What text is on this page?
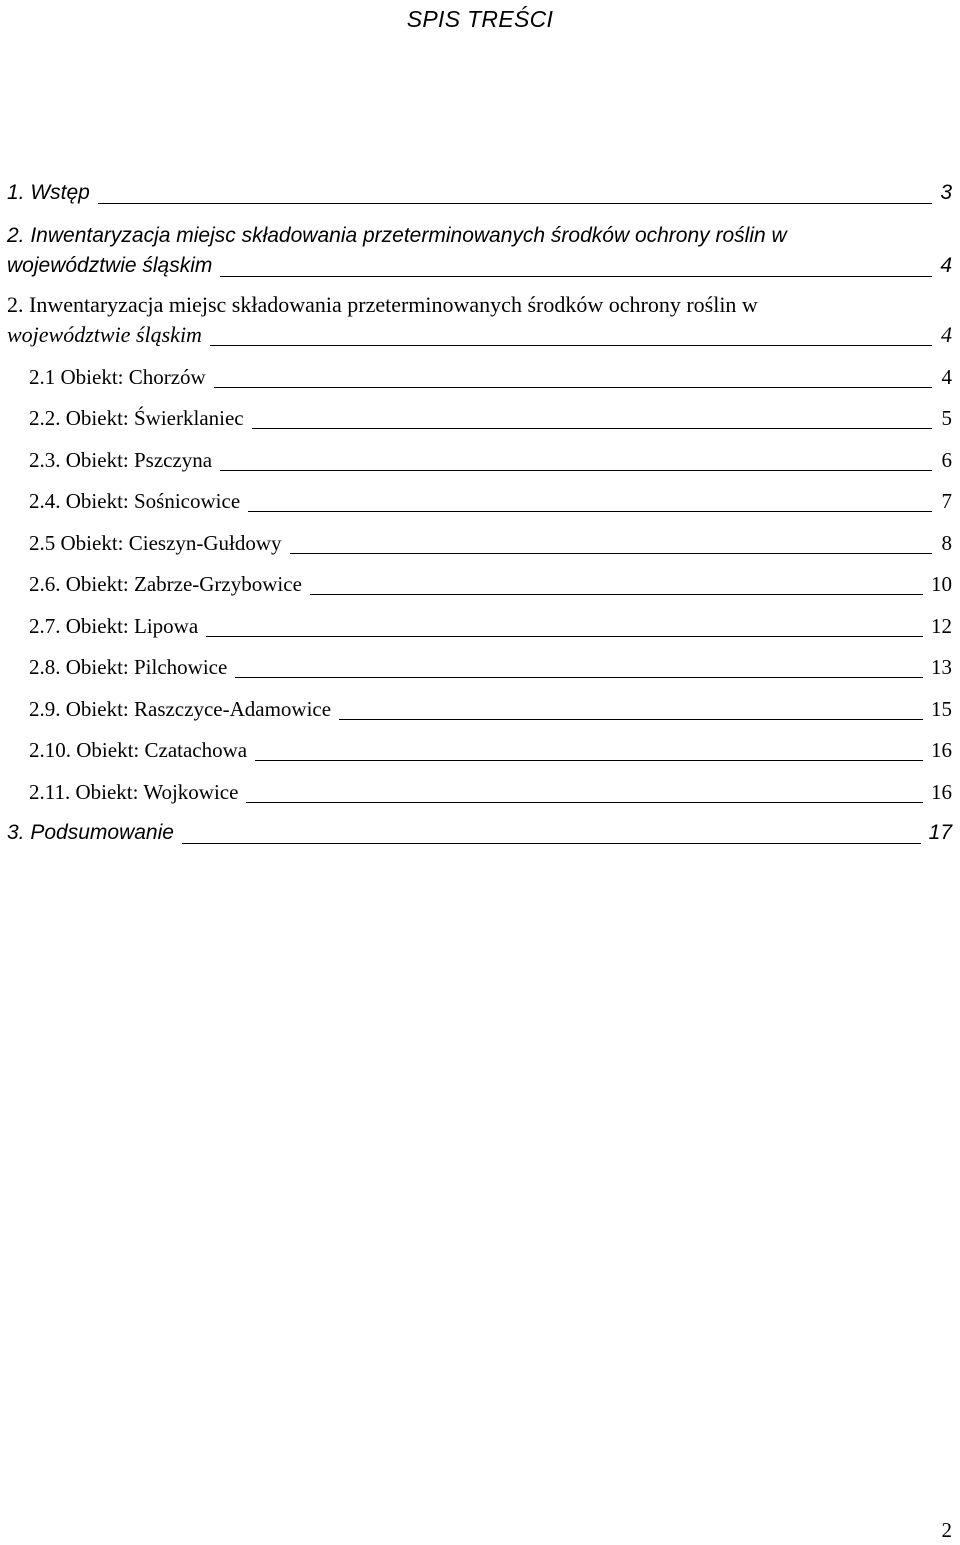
SPIS TREŚCI
1. Wstęp	3
2. Inwentaryzacja miejsc składowania przeterminowanych środków ochrony roślin w
województwie śląskim	4
2. Inwentaryzacja miejsc składowania przeterminowanych środków ochrony roślin w
województwie śląskim	4
2.1 Obiekt: Chorzów	4
2.2. Obiekt: Świerklaniec	5
2.3. Obiekt: Pszczyna	6
2.4. Obiekt: Sośnicowice	7
2.5 Obiekt: Cieszyn-Gułdowy	8
2.6. Obiekt: Zabrze-Grzybowice	10
2.7. Obiekt: Lipowa	12
2.8. Obiekt: Pilchowice	13
2.9. Obiekt: Raszczyce-Adamowice	15
2.10. Obiekt: Czatachowa	16
2.11. Obiekt: Wojkowice	16
3. Podsumowanie	17
2
